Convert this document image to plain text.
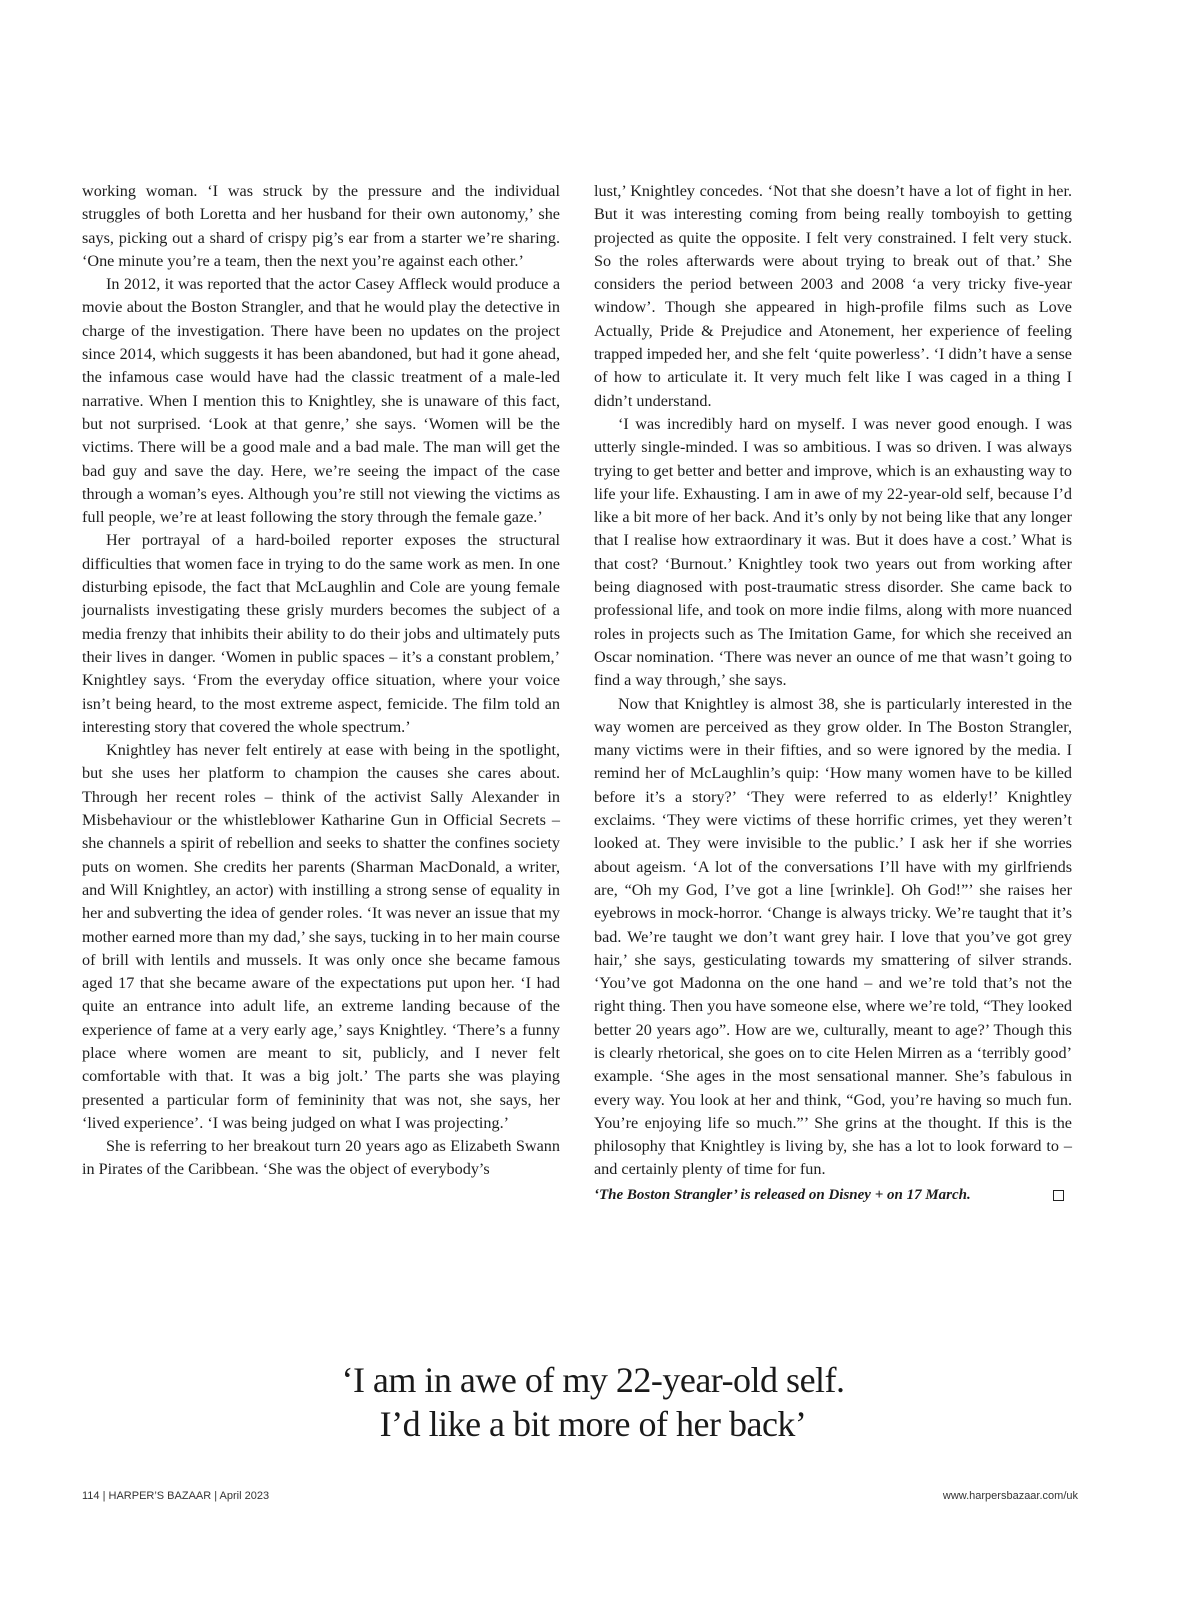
working woman. ‘I was struck by the pressure and the individual struggles of both Loretta and her husband for their own autonomy,’ she says, picking out a shard of crispy pig’s ear from a starter we’re sharing. ‘One minute you’re a team, then the next you’re against each other.’

In 2012, it was reported that the actor Casey Affleck would produce a movie about the Boston Strangler, and that he would play the detective in charge of the investigation. There have been no updates on the project since 2014, which suggests it has been abandoned, but had it gone ahead, the infamous case would have had the classic treatment of a male-led narrative. When I mention this to Knightley, she is unaware of this fact, but not surprised. ‘Look at that genre,’ she says. ‘Women will be the victims. There will be a good male and a bad male. The man will get the bad guy and save the day. Here, we’re seeing the impact of the case through a woman’s eyes. Although you’re still not viewing the victims as full people, we’re at least following the story through the female gaze.’

Her portrayal of a hard-boiled reporter exposes the structural difficulties that women face in trying to do the same work as men. In one disturbing episode, the fact that McLaughlin and Cole are young female journalists investigating these grisly murders becomes the subject of a media frenzy that inhibits their ability to do their jobs and ultimately puts their lives in danger. ‘Women in public spaces – it’s a constant problem,’ Knightley says. ‘From the everyday office situation, where your voice isn’t being heard, to the most extreme aspect, femicide. The film told an interesting story that covered the whole spectrum.’

Knightley has never felt entirely at ease with being in the spotlight, but she uses her platform to champion the causes she cares about. Through her recent roles – think of the activist Sally Alexander in Misbehaviour or the whistleblower Katharine Gun in Official Secrets – she channels a spirit of rebellion and seeks to shatter the confines society puts on women. She credits her parents (Sharman MacDonald, a writer, and Will Knightley, an actor) with instilling a strong sense of equality in her and subverting the idea of gender roles. ‘It was never an issue that my mother earned more than my dad,’ she says, tucking in to her main course of brill with lentils and mussels. It was only once she became famous aged 17 that she became aware of the expectations put upon her. ‘I had quite an entrance into adult life, an extreme landing because of the experience of fame at a very early age,’ says Knightley. ‘There’s a funny place where women are meant to sit, publicly, and I never felt comfortable with that. It was a big jolt.’ The parts she was playing presented a particular form of femininity that was not, she says, her ‘lived experience’. ‘I was being judged on what I was projecting.’

She is referring to her breakout turn 20 years ago as Elizabeth Swann in Pirates of the Caribbean. ‘She was the object of everybody’s

lust,’ Knightley concedes. ‘Not that she doesn’t have a lot of fight in her. But it was interesting coming from being really tomboyish to getting projected as quite the opposite. I felt very constrained. I felt very stuck. So the roles afterwards were about trying to break out of that.’ She considers the period between 2003 and 2008 ‘a very tricky five-year window’. Though she appeared in high-profile films such as Love Actually, Pride & Prejudice and Atonement, her experience of feeling trapped impeded her, and she felt ‘quite powerless’. ‘I didn’t have a sense of how to articulate it. It very much felt like I was caged in a thing I didn’t understand.

‘I was incredibly hard on myself. I was never good enough. I was utterly single-minded. I was so ambitious. I was so driven. I was always trying to get better and better and improve, which is an exhausting way to life your life. Exhausting. I am in awe of my 22-year-old self, because I’d like a bit more of her back. And it’s only by not being like that any longer that I realise how extraordinary it was. But it does have a cost.’ What is that cost? ‘Burnout.’ Knightley took two years out from working after being diagnosed with post-traumatic stress disorder. She came back to professional life, and took on more indie films, along with more nuanced roles in projects such as The Imitation Game, for which she received an Oscar nomination. ‘There was never an ounce of me that wasn’t going to find a way through,’ she says.

Now that Knightley is almost 38, she is particularly interested in the way women are perceived as they grow older. In The Boston Strangler, many victims were in their fifties, and so were ignored by the media. I remind her of McLaughlin’s quip: ‘How many women have to be killed before it’s a story?’ ‘They were referred to as elderly!’ Knightley exclaims. ‘They were victims of these horrific crimes, yet they weren’t looked at. They were invisible to the public.’ I ask her if she worries about ageism. ‘A lot of the conversations I’ll have with my girlfriends are, “Oh my God, I’ve got a line [wrinkle]. Oh God!”’ she raises her eyebrows in mock-horror. ‘Change is always tricky. We’re taught that it’s bad. We’re taught we don’t want grey hair. I love that you’ve got grey hair,’ she says, gesticulating towards my smattering of silver strands. ‘You’ve got Madonna on the one hand – and we’re told that’s not the right thing. Then you have someone else, where we’re told, “They looked better 20 years ago”. How are we, culturally, meant to age?’ Though this is clearly rhetorical, she goes on to cite Helen Mirren as a ‘terribly good’ example. ‘She ages in the most sensational manner. She’s fabulous in every way. You look at her and think, “God, you’re having so much fun. You’re enjoying life so much.”’ She grins at the thought. If this is the philosophy that Knightley is living by, she has a lot to look forward to – and certainly plenty of time for fun.

‘The Boston Strangler’ is released on Disney + on 17 March.
‘I am in awe of my 22-year-old self.
I’d like a bit more of her back’
114 | HARPER’S BAZAAR | April 2023	www.harpersbazaar.com/uk
